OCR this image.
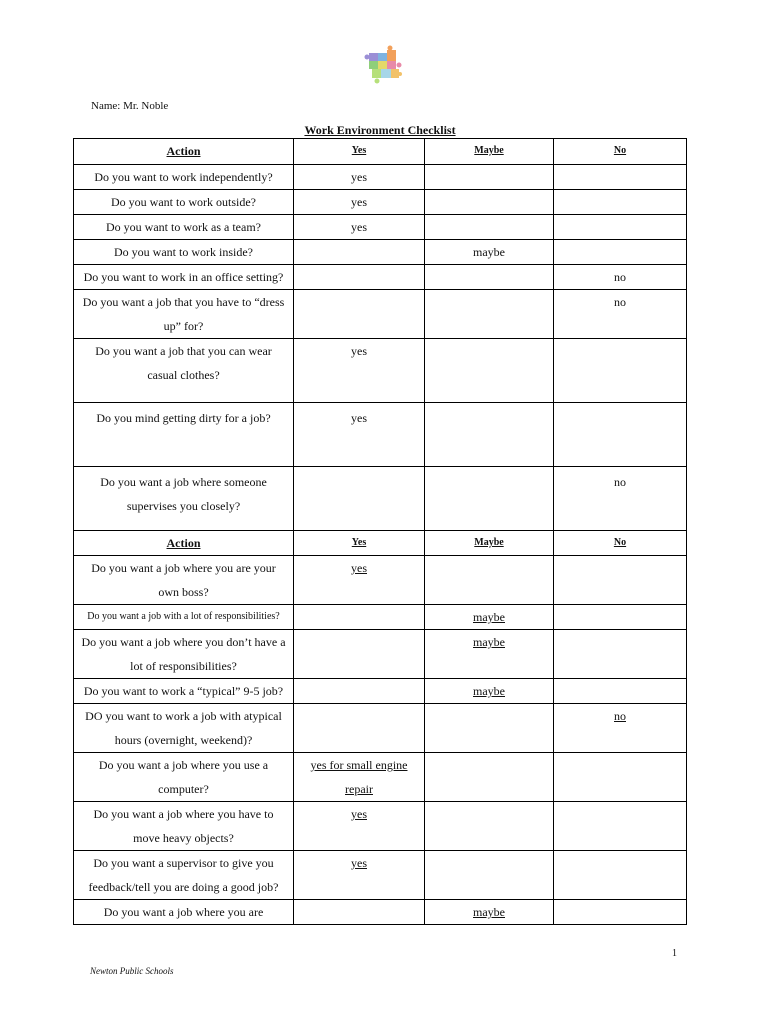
Name: Mr. Noble
Work Environment Checklist
Action	Yes	Maybe	No
Do you want to work independently?	yes		
Do you want to work outside?	yes		
Do you want to work as a team?	yes		
Do you want to work inside?		maybe	
Do you want to work in an office setting?			no
Do you want a job that you have to “dress up” for?			no
Do you want a job that you can wear casual clothes?	yes		
Do you mind getting dirty for a job?	yes		
Do you want a job where someone supervises you closely?			no
Action	Yes	Maybe	No
Do you want a job where you are your own boss?	yes		
Do you want a job with a lot of responsibilities?		maybe	
Do you want a job where you don’t have a lot of responsibilities?		maybe	
Do you want to work a “typical” 9-5 job?		maybe	
DO you want to work a job with atypical hours (overnight, weekend)?			no
Do you want a job where you use a computer?	yes for small engine repair		
Do you want a job where you have to move heavy objects?	yes		
Do you want a supervisor to give you feedback/tell you are doing a good job?	yes		
Do you want a job where you are		maybe	
1
Newton Public Schools
